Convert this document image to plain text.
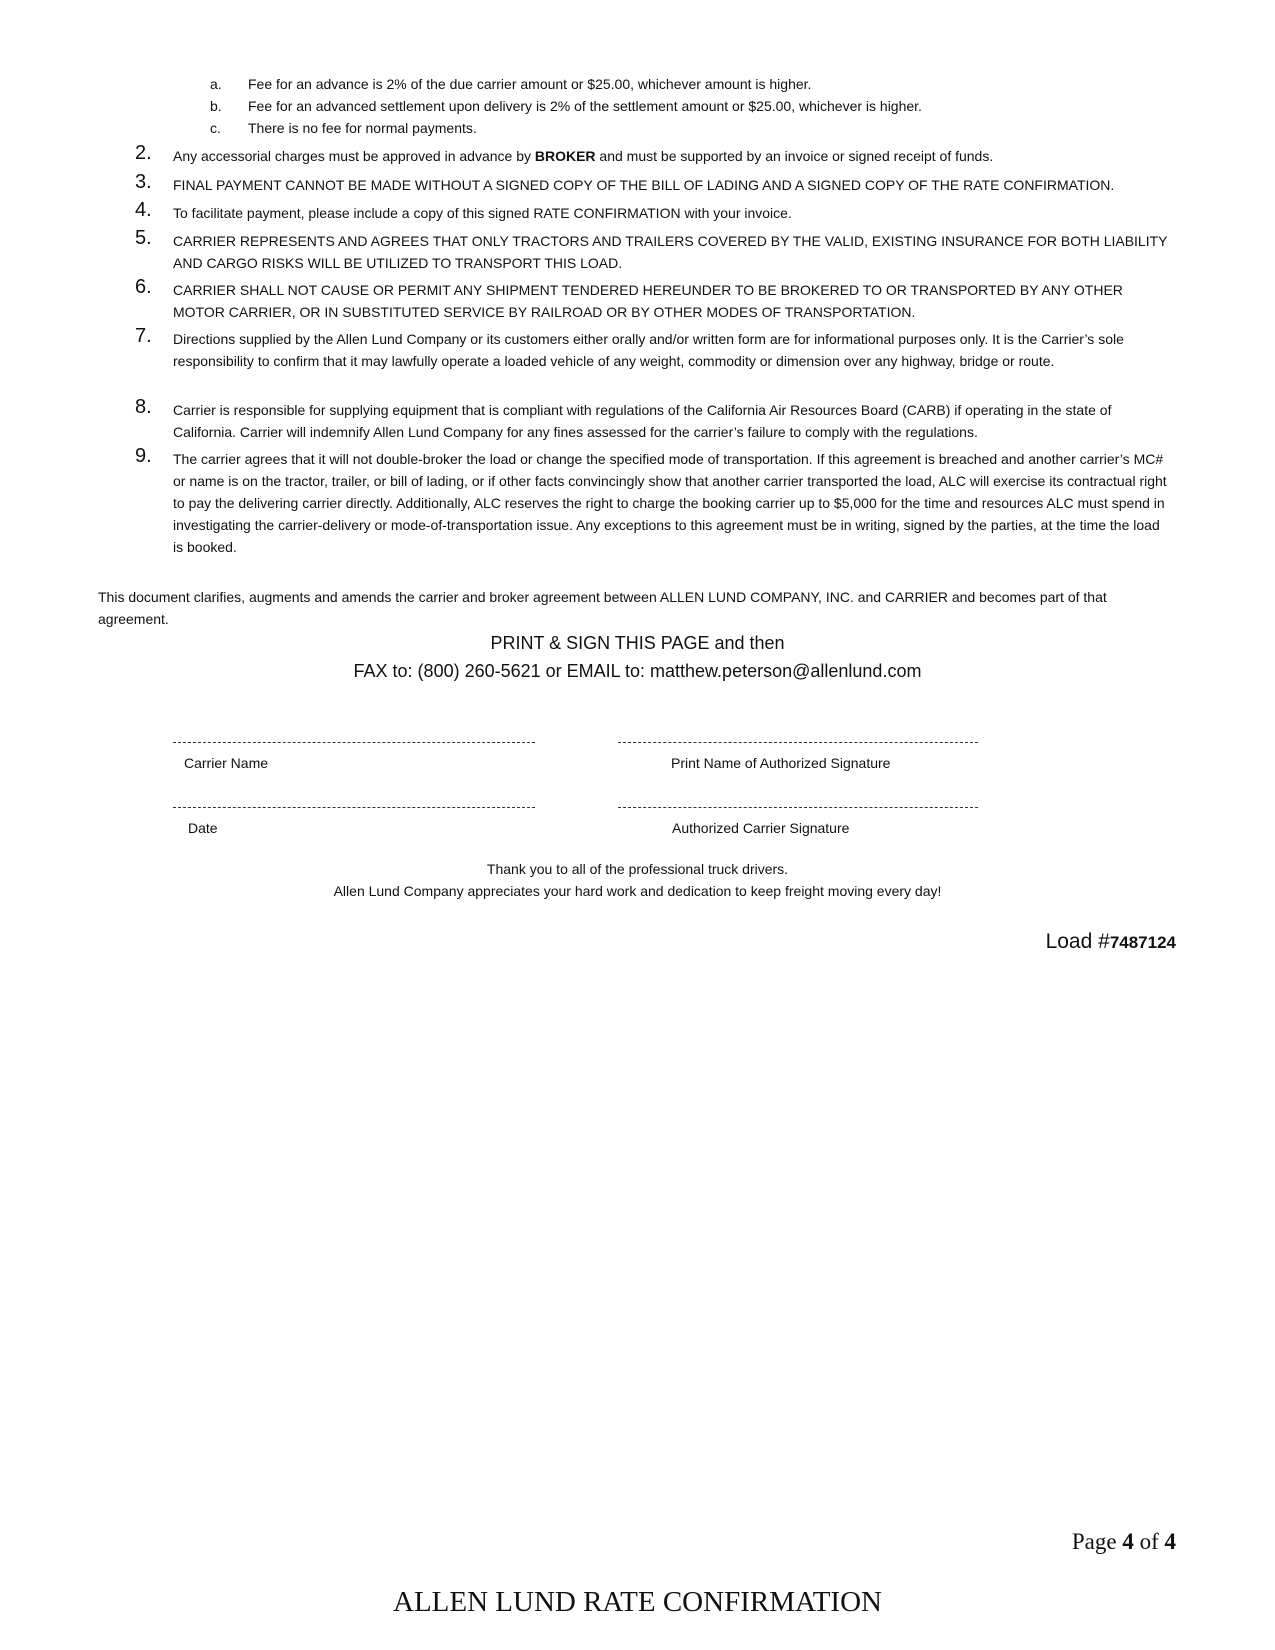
a. Fee for an advance is 2% of the due carrier amount or $25.00, whichever amount is higher.
b. Fee for an advanced settlement upon delivery is 2% of the settlement amount or $25.00, whichever is higher.
c. There is no fee for normal payments.
2. Any accessorial charges must be approved in advance by BROKER and must be supported by an invoice or signed receipt of funds.
3. FINAL PAYMENT CANNOT BE MADE WITHOUT A SIGNED COPY OF THE BILL OF LADING AND A SIGNED COPY OF THE RATE CONFIRMATION.
4. To facilitate payment, please include a copy of this signed RATE CONFIRMATION with your invoice.
5. CARRIER REPRESENTS AND AGREES THAT ONLY TRACTORS AND TRAILERS COVERED BY THE VALID, EXISTING INSURANCE FOR BOTH LIABILITY AND CARGO RISKS WILL BE UTILIZED TO TRANSPORT THIS LOAD.
6. CARRIER SHALL NOT CAUSE OR PERMIT ANY SHIPMENT TENDERED HEREUNDER TO BE BROKERED TO OR TRANSPORTED BY ANY OTHER MOTOR CARRIER, OR IN SUBSTITUTED SERVICE BY RAILROAD OR BY OTHER MODES OF TRANSPORTATION.
7. Directions supplied by the Allen Lund Company or its customers either orally and/or written form are for informational purposes only. It is the Carrier’s sole responsibility to confirm that it may lawfully operate a loaded vehicle of any weight, commodity or dimension over any highway, bridge or route.
8. Carrier is responsible for supplying equipment that is compliant with regulations of the California Air Resources Board (CARB) if operating in the state of California. Carrier will indemnify Allen Lund Company for any fines assessed for the carrier’s failure to comply with the regulations.
9. The carrier agrees that it will not double-broker the load or change the specified mode of transportation. If this agreement is breached and another carrier’s MC# or name is on the tractor, trailer, or bill of lading, or if other facts convincingly show that another carrier transported the load, ALC will exercise its contractual right to pay the delivering carrier directly. Additionally, ALC reserves the right to charge the booking carrier up to $5,000 for the time and resources ALC must spend in investigating the carrier-delivery or mode-of-transportation issue. Any exceptions to this agreement must be in writing, signed by the parties, at the time the load is booked.
This document clarifies, augments and amends the carrier and broker agreement between ALLEN LUND COMPANY, INC. and CARRIER and becomes part of that agreement.
PRINT & SIGN THIS PAGE and then
FAX to: (800) 260-5621 or EMAIL to: matthew.peterson@allenlund.com
Carrier Name	Print Name of Authorized Signature
Date	Authorized Carrier Signature
Thank you to all of the professional truck drivers.
Allen Lund Company appreciates your hard work and dedication to keep freight moving every day!
Load #7487124
Page 4 of 4
ALLEN LUND RATE CONFIRMATION
